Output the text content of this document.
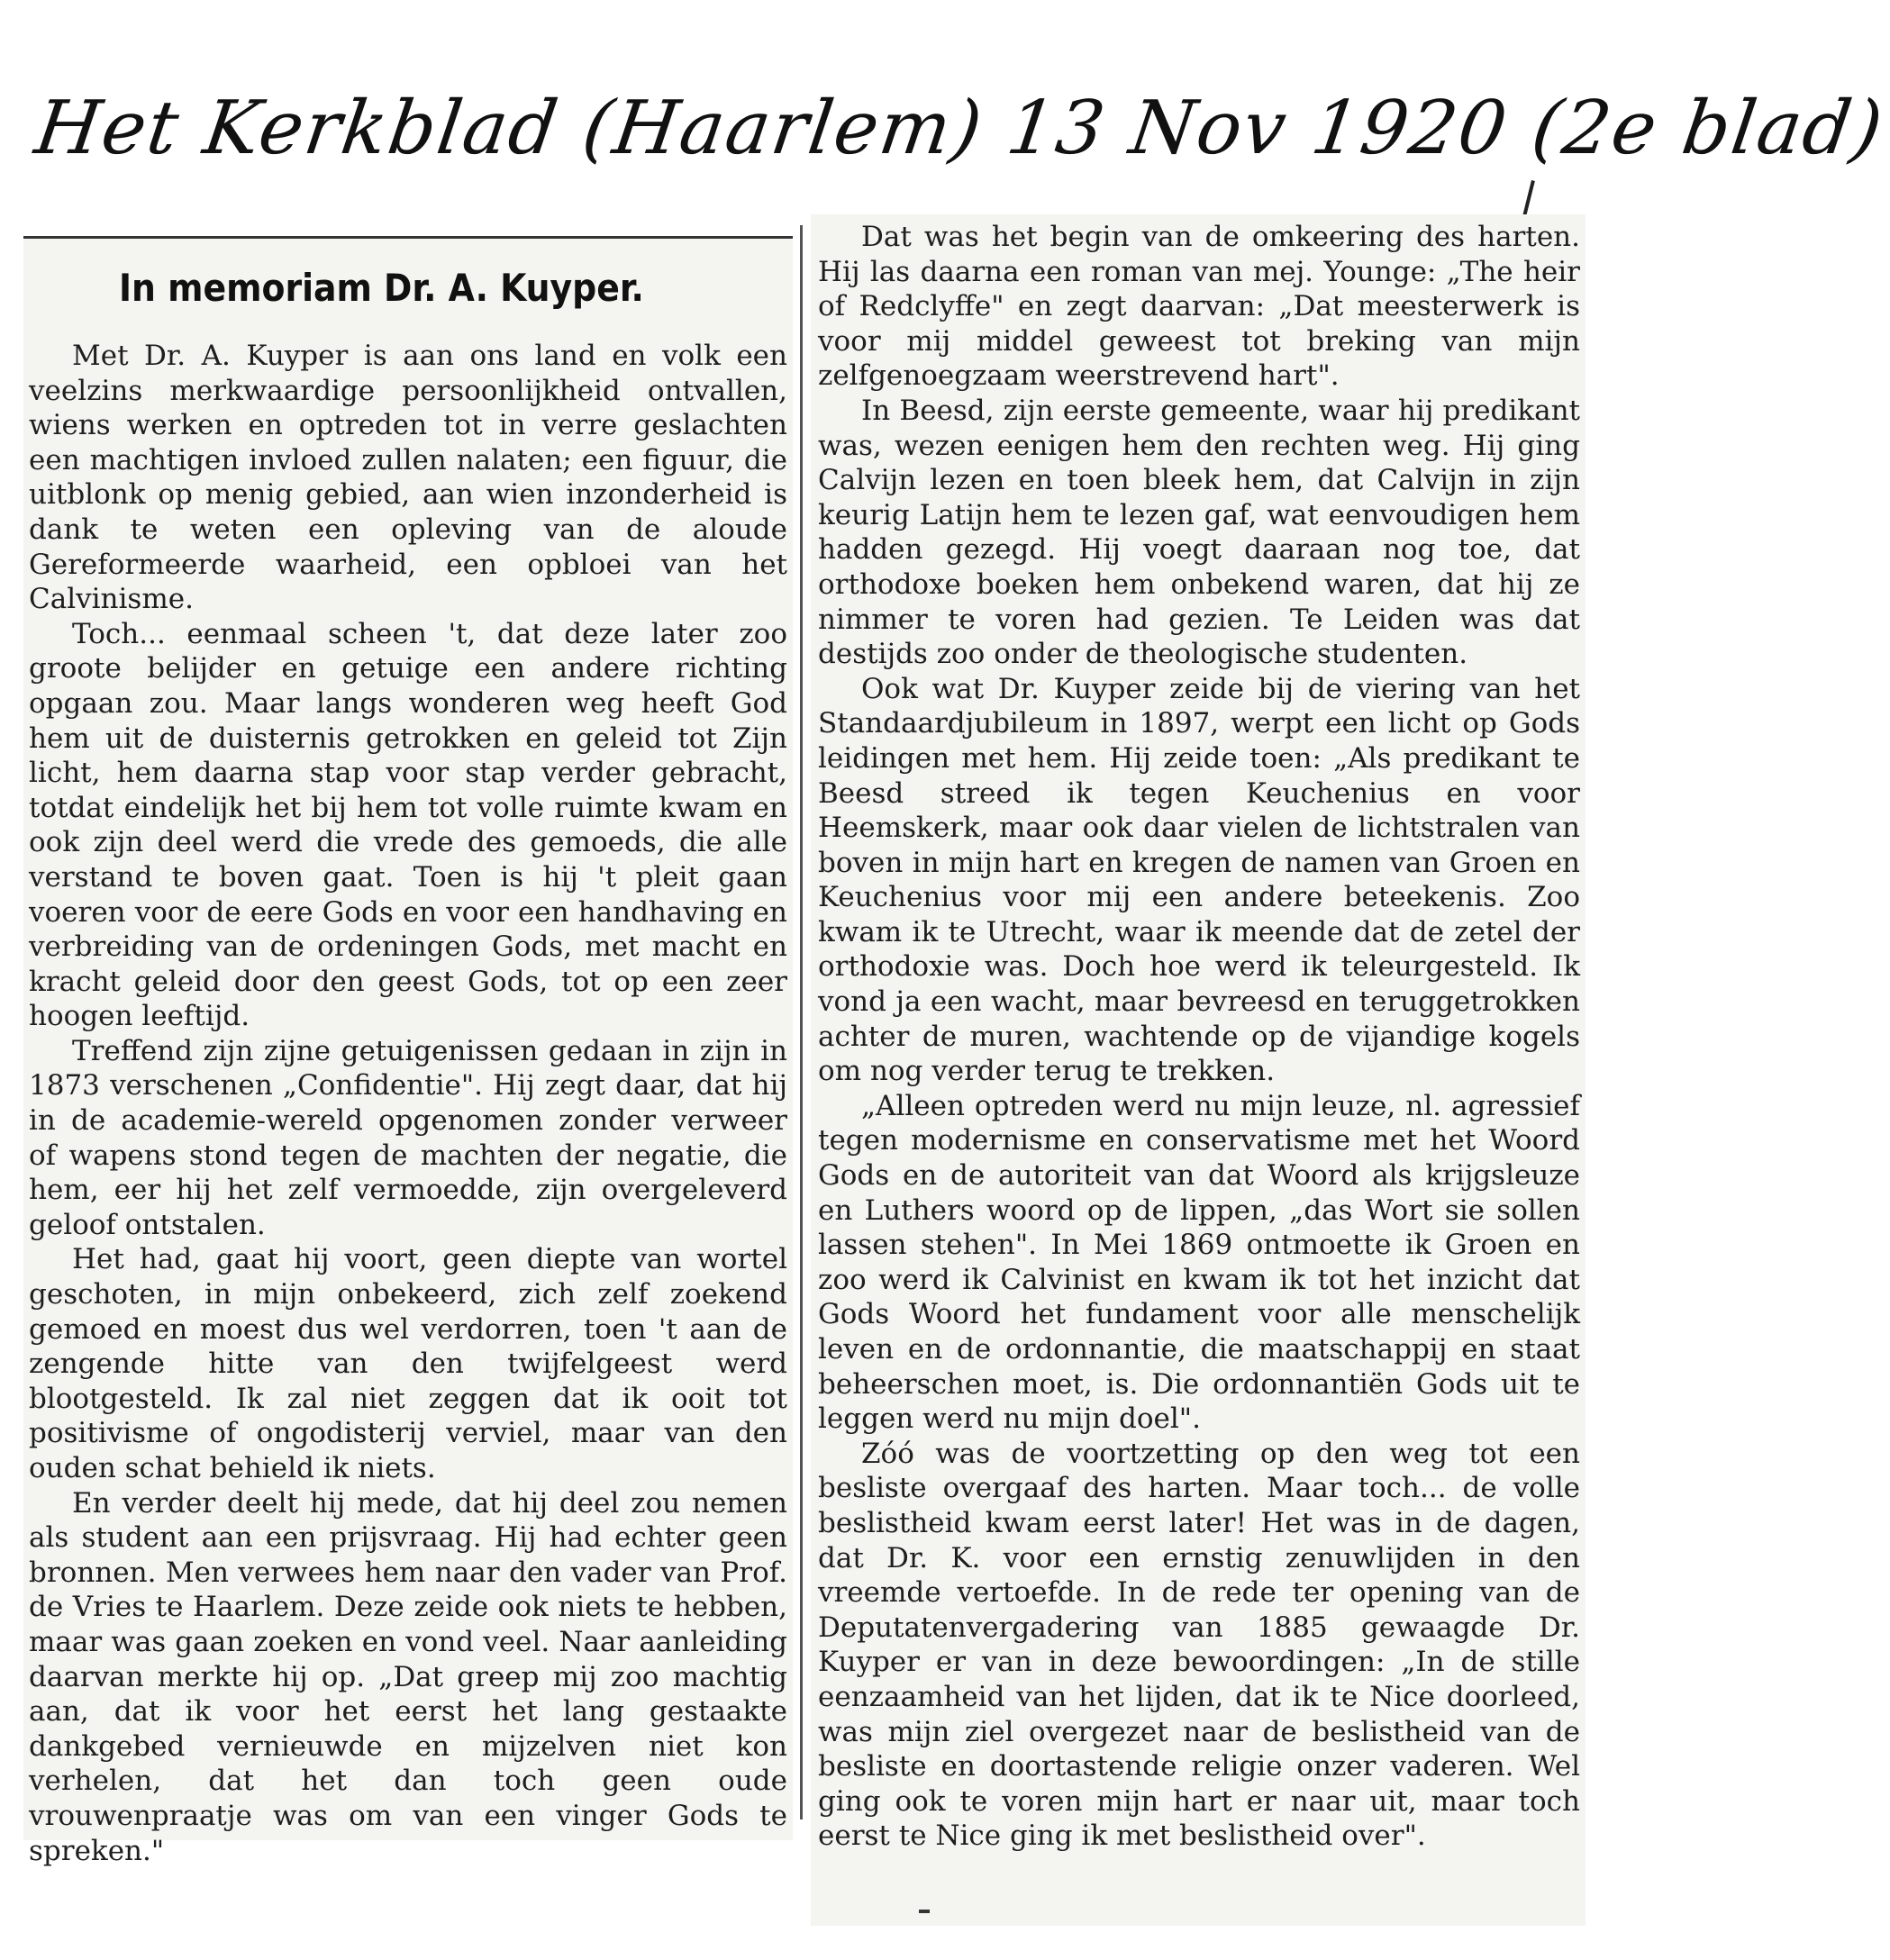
Het Kerkblad (Haarlem) 13 Nov 1920 (2e blad)
In memoriam Dr. A. Kuyper.

Met Dr. A. Kuyper is aan ons land en volk een veelzins merkwaardige persoonlijkheid ontvallen, wiens werken en optreden tot in verre geslachten een machtigen invloed zullen nalaten; een figuur, die uitblonk op menig gebied, aan wien inzonderheid is dank te weten een opleving van de aloude Gereformeerde waarheid, een opbloei van het Calvinisme.

Toch... eenmaal scheen 't, dat deze later zoo groote belijder en getuige een andere richting opgaan zou. Maar langs wonderen weg heeft God hem uit de duisternis getrokken en geleid tot Zijn licht, hem daarna stap voor stap verder gebracht, totdat eindelijk het bij hem tot volle ruimte kwam en ook zijn deel werd die vrede des gemoeds, die alle verstand te boven gaat. Toen is hij 't pleit gaan voeren voor de eere Gods en voor een handhaving en verbreiding van de ordeningen Gods, met macht en kracht geleid door den geest Gods, tot op een zeer hoogen leeftijd.

Treffend zijn zijne getuigenissen gedaan in zijn in 1873 verschenen „Confidentie". Hij zegt daar, dat hij in de academie-wereld opgenomen zonder verweer of wapens stond tegen de machten der negatie, die hem, eer hij het zelf vermoedde, zijn overgeleverd geloof ontstalen.

Het had, gaat hij voort, geen diepte van wortel geschoten, in mijn onbekeerd, zich zelf zoekend gemoed en moest dus wel verdorren, toen 't aan de zengende hitte van den twijfelgeest werd blootgesteld. Ik zal niet zeggen dat ik ooit tot positivisme of ongodisterij verviel, maar van den ouden schat behield ik niets.

En verder deelt hij mede, dat hij deel zou nemen als student aan een prijsvraag. Hij had echter geen bronnen. Men verwees hem naar den vader van Prof. de Vries te Haarlem. Deze zeide ook niets te hebben, maar was gaan zoeken en vond veel. Naar aanleiding daarvan merkte hij op. „Dat greep mij zoo machtig aan, dat ik voor het eerst het lang gestaakte dankgebed vernieuwde en mijzelven niet kon verhelen, dat het dan toch geen oude vrouwenpraatje was om van een vinger Gods te spreken."

Dat was het begin van de omkeering des harten. Hij las daarna een roman van mej. Younge: „The heir of Redclyffe" en zegt daarvan: „Dat meesterwerk is voor mij middel geweest tot breking van mijn zelfgenoegzaam weerstrevend hart".

In Beesd, zijn eerste gemeente, waar hij predikant was, wezen eenigen hem den rechten weg. Hij ging Calvijn lezen en toen bleek hem, dat Calvijn in zijn keurig Latijn hem te lezen gaf, wat eenvoudigen hem hadden gezegd. Hij voegt daaraan nog toe, dat orthodoxe boeken hem onbekend waren, dat hij ze nimmer te voren had gezien. Te Leiden was dat destijds zoo onder de theologische studenten.

Ook wat Dr. Kuyper zeide bij de viering van het Standaardjubileum in 1897, werpt een licht op Gods leidingen met hem. Hij zeide toen: „Als predikant te Beesd streed ik tegen Keuchenius en voor Heemskerk, maar ook daar vielen de lichtstralen van boven in mijn hart en kregen de namen van Groen en Keuchenius voor mij een andere beteekenis. Zoo kwam ik te Utrecht, waar ik meende dat de zetel der orthodoxie was. Doch hoe werd ik teleurgesteld. Ik vond ja een wacht, maar bevreesd en teruggetrokken achter de muren, wachtende op de vijandige kogels om nog verder terug te trekken.

„Alleen optreden werd nu mijn leuze, nl. agressief tegen modernisme en conservatisme met het Woord Gods en de autoriteit van dat Woord als krijgsleuze en Luthers woord op de lippen, „das Wort sie sollen lassen stehen". In Mei 1869 ontmoette ik Groen en zoo werd ik Calvinist en kwam ik tot het inzicht dat Gods Woord het fundament voor alle menschelijk leven en de ordonnantie, die maatschappij en staat beheerschen moet, is. Die ordonnantiën Gods uit te leggen werd nu mijn doel".

Zóó was de voortzetting op den weg tot een besliste overgaaf des harten. Maar toch... de volle beslistheid kwam eerst later! Het was in de dagen, dat Dr. K. voor een ernstig zenuwlijden in den vreemde vertoefde. In de rede ter opening van de Deputatenvergadering van 1885 gewaagde Dr. Kuyper er van in deze bewoordingen: „In de stille eenzaamheid van het lijden, dat ik te Nice doorleed, was mijn ziel overgezet naar de beslistheid van de besliste en doortastende religie onzer vaderen. Wel ging ook te voren mijn hart er naar uit, maar toch eerst te Nice ging ik met beslistheid over".
